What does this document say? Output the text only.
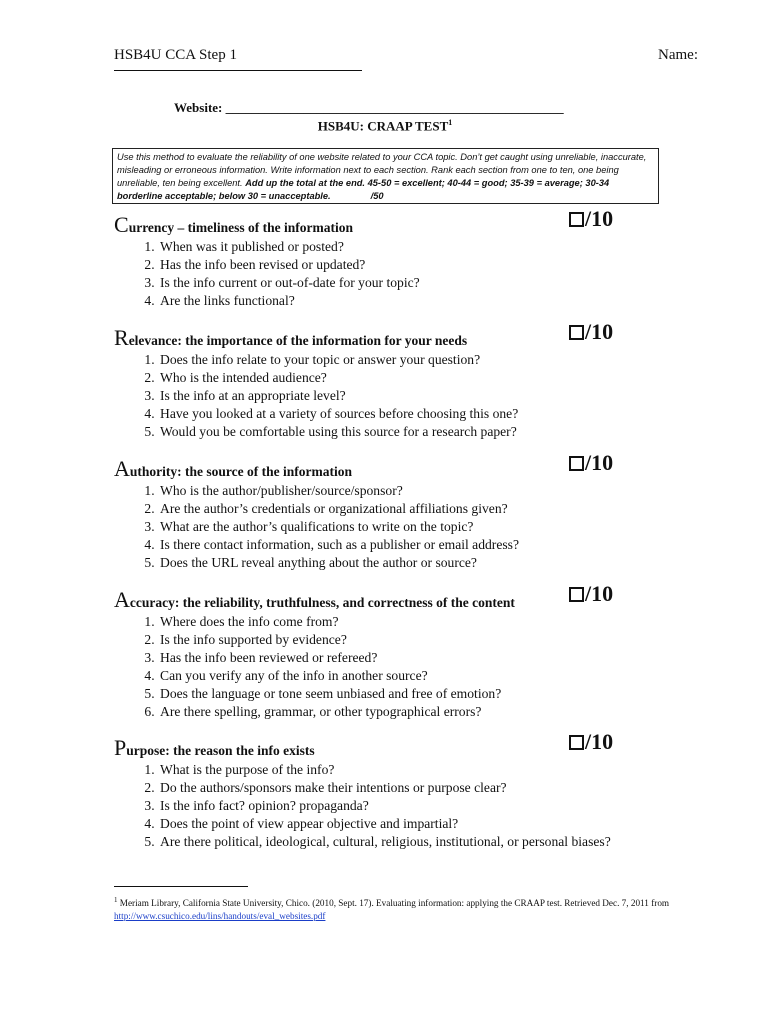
HSB4U CCA Step 1	Name:
Website: ____________________________________________________
HSB4U: CRAAP TEST$^1$
Use this method to evaluate the reliability of one website related to your CCA topic. Don’t get caught using unreliable, inaccurate, misleading or erroneous information. Write information next to each section. Rank each section from one to ten, one being unreliable, ten being excellent. Add up the total at the end. 45-50 = excellent; 40-44 = good; 35-39 = average; 30-34 borderline acceptable; below 30 = unacceptable.	/50
Currency – timeliness of the information	/10
1. When was it published or posted?
2. Has the info been revised or updated?
3. Is the info current or out-of-date for your topic?
4. Are the links functional?
Relevance: the importance of the information for your needs	/10
1. Does the info relate to your topic or answer your question?
2. Who is the intended audience?
3. Is the info at an appropriate level?
4. Have you looked at a variety of sources before choosing this one?
5. Would you be comfortable using this source for a research paper?
Authority: the source of the information	/10
1. Who is the author/publisher/source/sponsor?
2. Are the author’s credentials or organizational affiliations given?
3. What are the author’s qualifications to write on the topic?
4. Is there contact information, such as a publisher or email address?
5. Does the URL reveal anything about the author or source?
Accuracy: the reliability, truthfulness, and correctness of the content	/10
1. Where does the info come from?
2. Is the info supported by evidence?
3. Has the info been reviewed or refereed?
4. Can you verify any of the info in another source?
5. Does the language or tone seem unbiased and free of emotion?
6. Are there spelling, grammar, or other typographical errors?
Purpose: the reason the info exists	/10
1. What is the purpose of the info?
2. Do the authors/sponsors make their intentions or purpose clear?
3. Is the info fact? opinion? propaganda?
4. Does the point of view appear objective and impartial?
5. Are there political, ideological, cultural, religious, institutional, or personal biases?
$^1$ Meriam Library, California State University, Chico. (2010, Sept. 17). Evaluating information: applying the CRAAP test. Retrieved Dec. 7, 2011 from http://www.csuchico.edu/lins/handouts/eval_websites.pdf
